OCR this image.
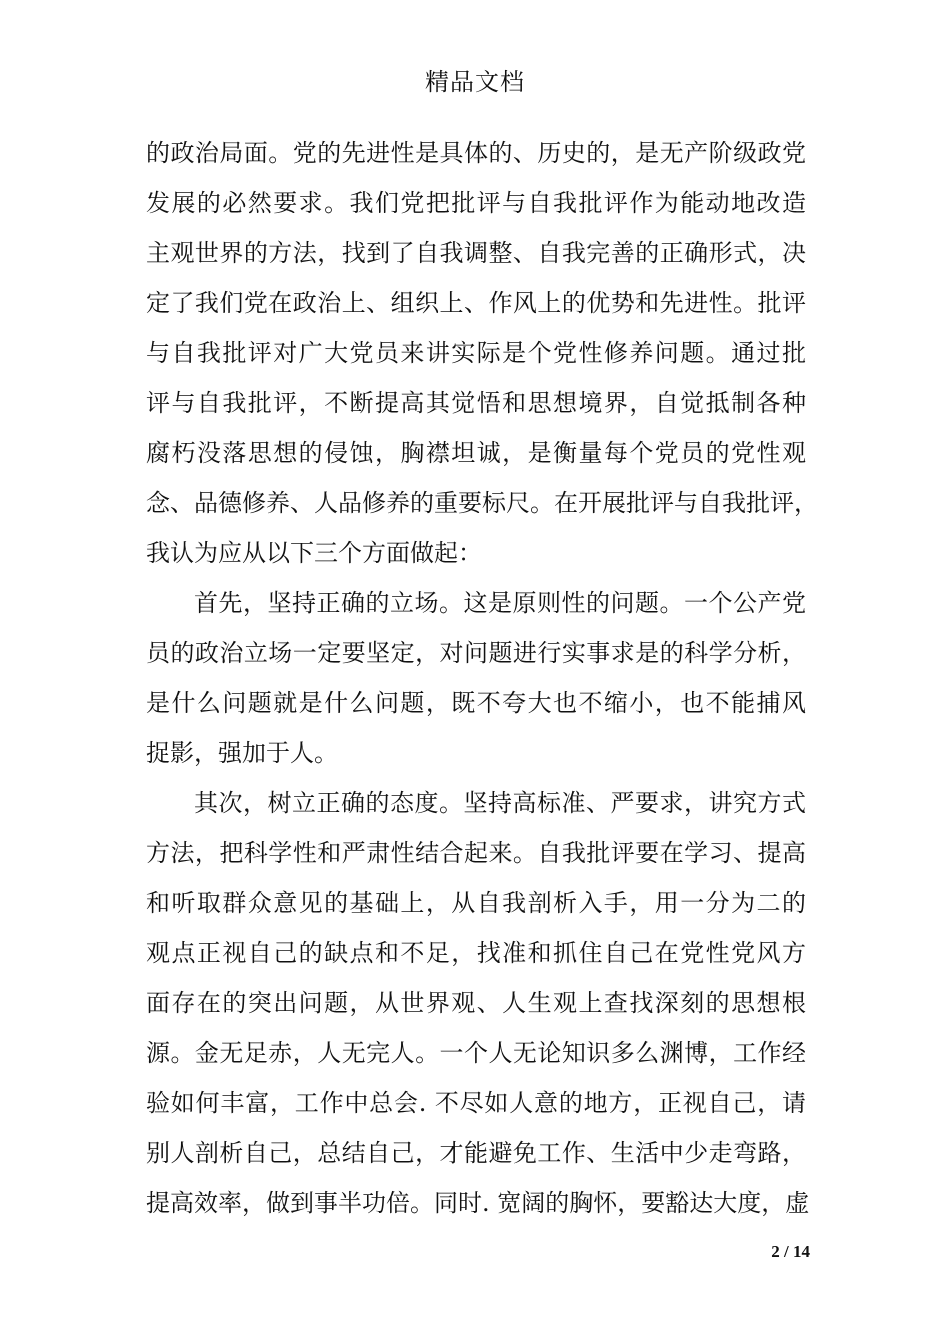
精品文档
的政治局面。党的先进性是具体的、历史的，是无产阶级政党
发展的必然要求。我们党把批评与自我批评作为能动地改造
主观世界的方法，找到了自我调整、自我完善的正确形式，决
定了我们党在政治上、组织上、作风上的优势和先进性。批评
与自我批评对广大党员来讲实际是个党性修养问题。通过批
评与自我批评，不断提高其觉悟和思想境界，自觉抵制各种
腐朽没落思想的侵蚀，胸襟坦诚，是衡量每个党员的党性观
念、品德修养、人品修养的重要标尺。在开展批评与自我批评，
我认为应从以下三个方面做起：
首先，坚持正确的立场。这是原则性的问题。一个公产党
员的政治立场一定要坚定，对问题进行实事求是的科学分析，
是什么问题就是什么问题，既不夸大也不缩小，也不能捕风
捉影，强加于人。
其次，树立正确的态度。坚持高标准、严要求，讲究方式
方法，把科学性和严肃性结合起来。自我批评要在学习、提高
和听取群众意见的基础上，从自我剖析入手，用一分为二的
观点正视自己的缺点和不足，找准和抓住自己在党性党风方
面存在的突出问题，从世界观、人生观上查找深刻的思想根
源。金无足赤，人无完人。一个人无论知识多么渊博，工作经
验如何丰富，工作中总会. 不尽如人意的地方，正视自己，请
别人剖析自己，总结自己，才能避免工作、生活中少走弯路，
提高效率，做到事半功倍。同时. 宽阔的胸怀，要豁达大度，虚
2 / 14
